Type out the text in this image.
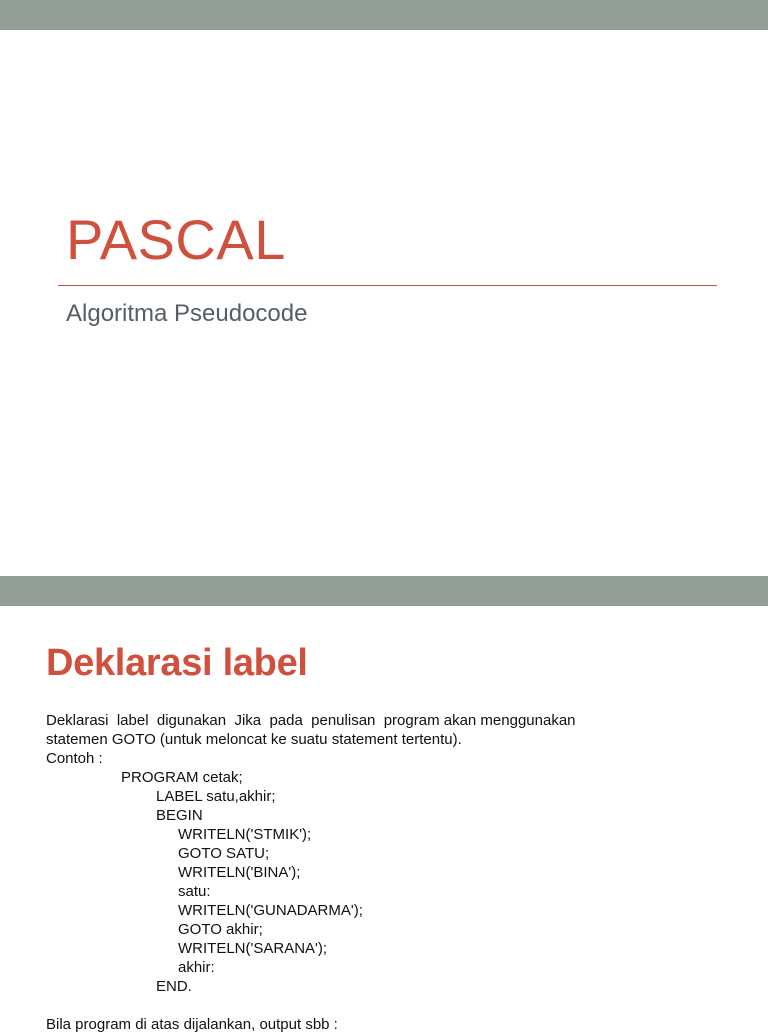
PASCAL

Algoritma Pseudocode

Deklarasi label

Deklarasi  label  digunakan  Jika  pada  penulisan  program akan menggunakan

statemen GOTO (untuk meloncat ke suatu statement tertentu).

Contoh :

PROGRAM cetak;

LABEL satu,akhir;

BEGIN

WRITELN('STMIK');

GOTO SATU;

WRITELN('BINA');

satu:

WRITELN('GUNADARMA');

GOTO akhir;

WRITELN('SARANA');

akhir:

END.

Bila program di atas dijalankan, output sbb :
